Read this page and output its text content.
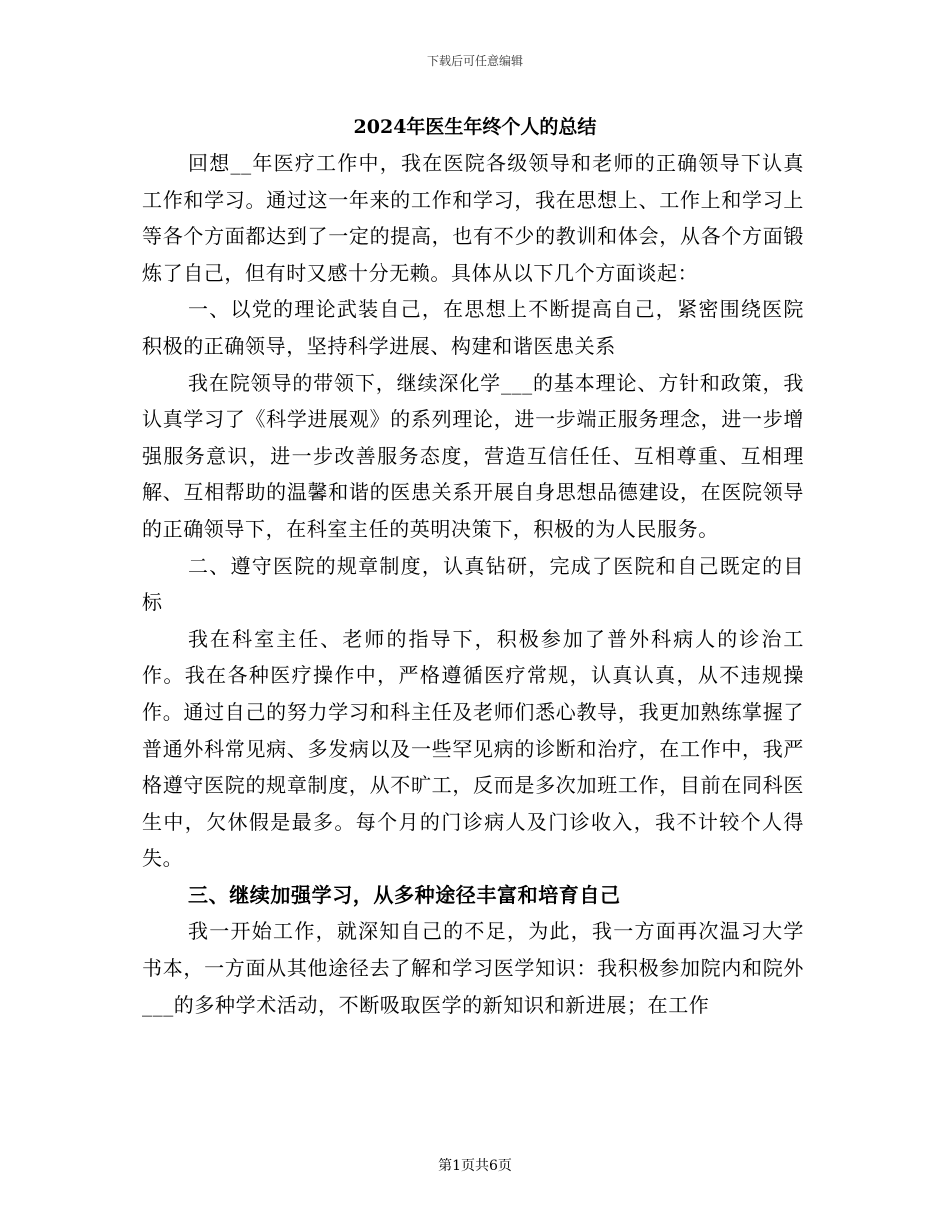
下载后可任意编辑
2024年医生年终个人的总结

回想__年医疗工作中，我在医院各级领导和老师的正确领导下认真工作和学习。通过这一年来的工作和学习，我在思想上、工作上和学习上等各个方面都达到了一定的提高，也有不少的教训和体会，从各个方面锻炼了自己，但有时又感十分无赖。具体从以下几个方面谈起：

一、以党的理论武装自己，在思想上不断提高自己，紧密围绕医院积极的正确领导，坚持科学进展、构建和谐医患关系

我在院领导的带领下，继续深化学___的基本理论、方针和政策，我认真学习了《科学进展观》的系列理论，进一步端正服务理念，进一步增强服务意识，进一步改善服务态度，营造互信任任、互相尊重、互相理解、互相帮助的温馨和谐的医患关系开展自身思想品德建设，在医院领导的正确领导下，在科室主任的英明决策下，积极的为人民服务。

二、遵守医院的规章制度，认真钻研，完成了医院和自己既定的目标

我在科室主任、老师的指导下，积极参加了普外科病人的诊治工作。我在各种医疗操作中，严格遵循医疗常规，认真认真，从不违规操作。通过自己的努力学习和科主任及老师们悉心教导，我更加熟练掌握了普通外科常见病、多发病以及一些罕见病的诊断和治疗，在工作中，我严格遵守医院的规章制度，从不旷工，反而是多次加班工作，目前在同科医生中，欠休假是最多。每个月的门诊病人及门诊收入，我不计较个人得失。

三、继续加强学习，从多种途径丰富和培育自己

我一开始工作，就深知自己的不足，为此，我一方面再次温习大学书本，一方面从其他途径去了解和学习医学知识：我积极参加院内和院外___的多种学术活动，不断吸取医学的新知识和新进展；在工作

第1页共6页
